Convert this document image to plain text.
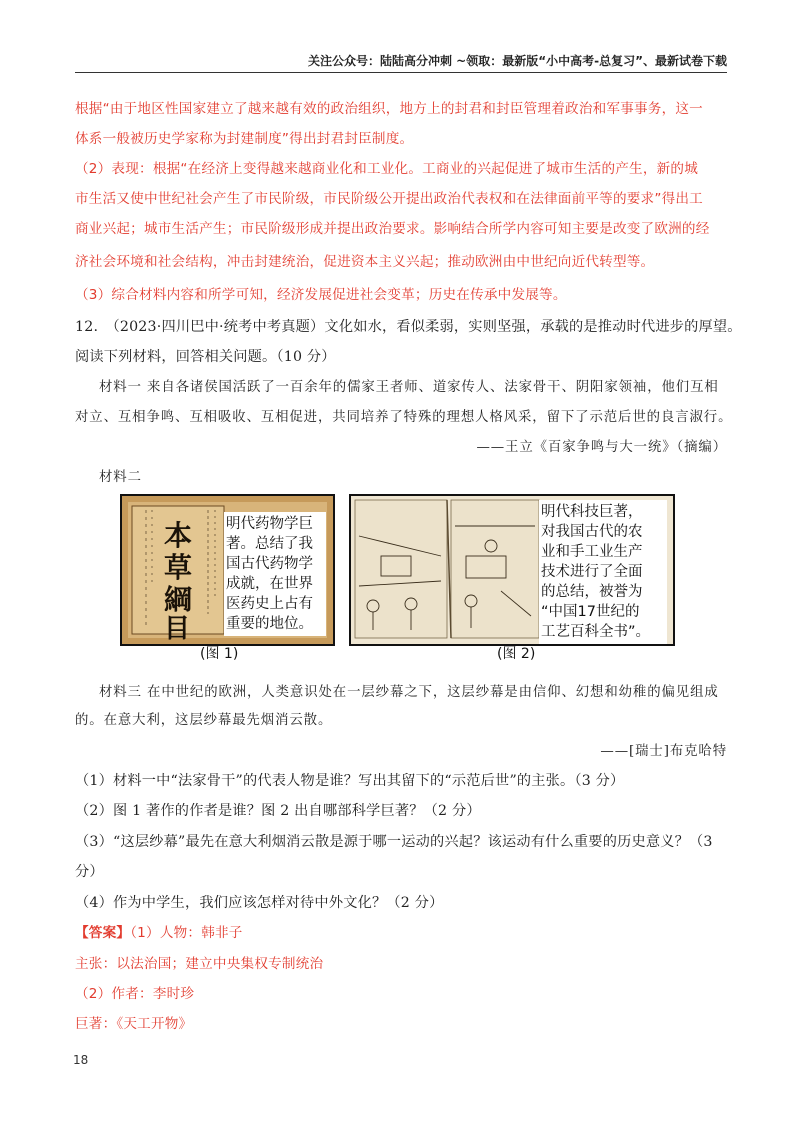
关注公众号：陆陆高分冲刺 ~领取：最新版“小中高考-总复习”、最新试卷下载
根据“由于地区性国家建立了越来越有效的政治组织，地方上的封君和封臣管理着政治和军事事务，这一
体系一般被历史学家称为封建制度”得出封君封臣制度。
（2）表现：根据“在经济上变得越来越商业化和工业化。工商业的兴起促进了城市生活的产生，新的城
市生活又使中世纪社会产生了市民阶级，市民阶级公开提出政治代表权和在法律面前平等的要求”得出工
商业兴起；城市生活产生；市民阶级形成并提出政治要求。影响结合所学内容可知主要是改变了欧洲的经
济社会环境和社会结构，冲击封建统治，促进资本主义兴起；推动欧洲由中世纪向近代转型等。
（3）综合材料内容和所学可知，经济发展促进社会变革；历史在传承中发展等。
12.　（2023·四川巴中·统考中考真题）文化如水，看似柔弱，实则坚强，承载的是推动时代进步的厚望。
阅读下列材料，回答相关问题。（10 分）
材料一 来自各诸侯国活跃了一百余年的儒家王者师、道家传人、法家骨干、阴阳家领袖，他们互相
对立、互相争鸣、互相吸收、互相促进，共同培养了特殊的理想人格风采，留下了示范后世的良言淑行。
——王立《百家争鸣与大一统》（摘编）
材料二
本
草
綱
目
明代药物学巨
著。总结了我
国古代药物学
成就，在世界
医药史上占有
重要的地位。
(图 1)
明代科技巨著，
对我国古代的农
业和手工业生产
技术进行了全面
的总结，被誉为
“中国17世纪的
工艺百科全书”。
(图 2)
材料三 在中世纪的欧洲，人类意识处在一层纱幕之下，这层纱幕是由信仰、幻想和幼稚的偏见组成
的。在意大利，这层纱幕最先烟消云散。
——[瑞士]布克哈特
（1）材料一中“法家骨干”的代表人物是谁？写出其留下的“示范后世”的主张。（3 分）
（2）图 1 著作的作者是谁？图 2 出自哪部科学巨著？（2 分）
（3）“这层纱幕”最先在意大利烟消云散是源于哪一运动的兴起？该运动有什么重要的历史意义？（3
分）
（4）作为中学生，我们应该怎样对待中外文化？（2 分）
【答案】（1）人物：韩非子
主张：以法治国；建立中央集权专制统治
（2）作者：李时珍
巨著：《天工开物》
18
